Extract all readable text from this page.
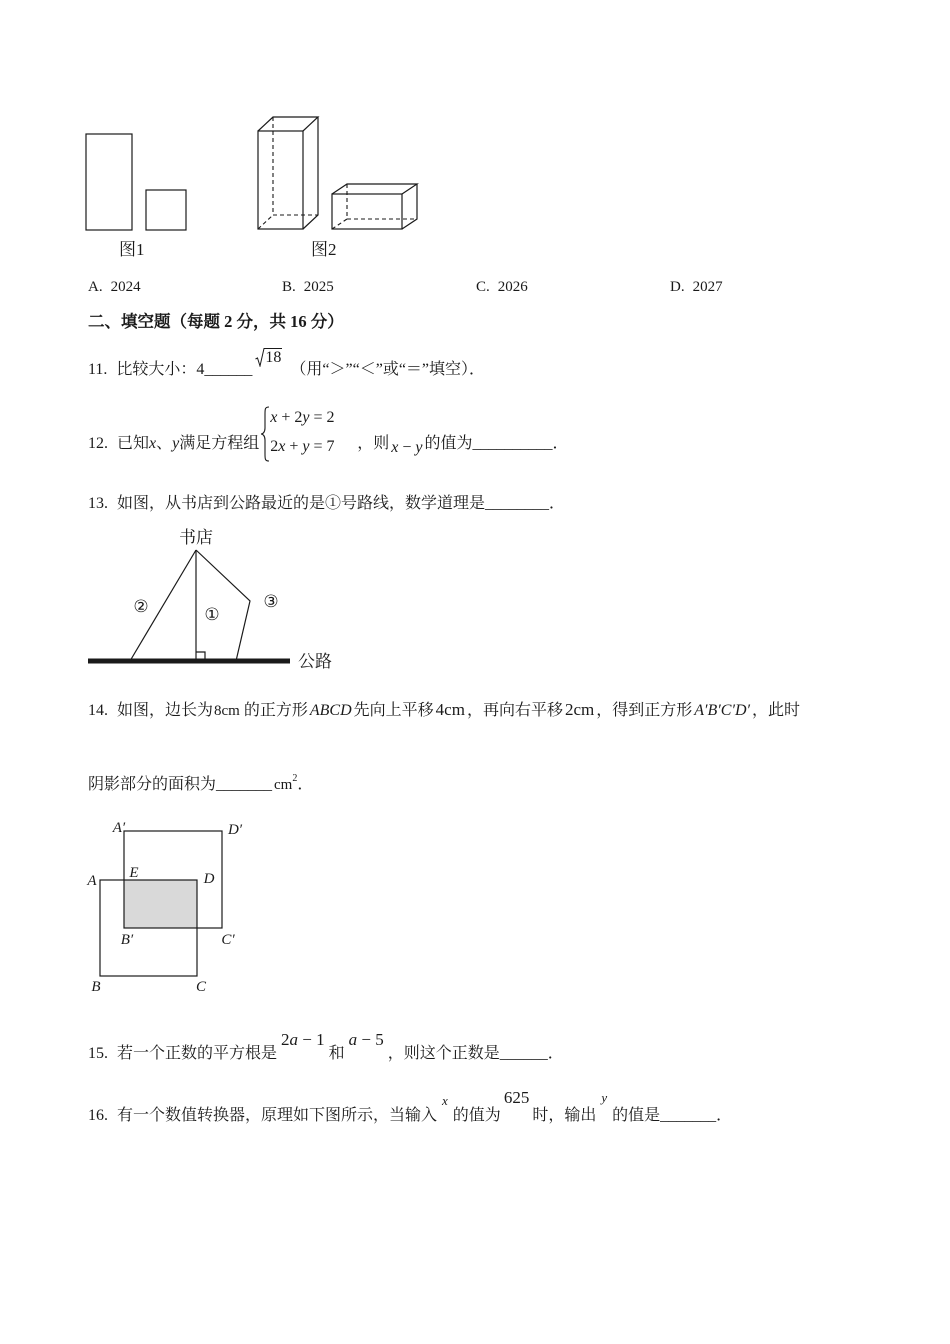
图1	图2
A. 2024	B. 2025	C. 2026	D. 2027
二、填空题（每题 2 分，共 16 分）
11. 比较大小：4______18（用“＞”“＜”或“＝”填空）．
12. 已知x、y满足方程组
x + 2y = 2
2x + y = 7 ，则 x − y 的值为__________．
13. 如图，从书店到公路最近的是①号路线，数学道理是________．
书店
②	①
③
公路
14. 如图，边长为8cm 的正方形 ABCD 先向上平移 4cm ，再向右平移 2cm ，得到正方形 A′B′C′D′ ，此时
阴影部分的面积为_______ cm2．
A′	D′
A E	D
B′	C′
B	C
15. 若一个正数的平方根是2a − 1和a − 5，则这个正数是______．
16. 有一个数值转换器，原理如下图所示，当输入x的值为625时，输出y的值是_______．
